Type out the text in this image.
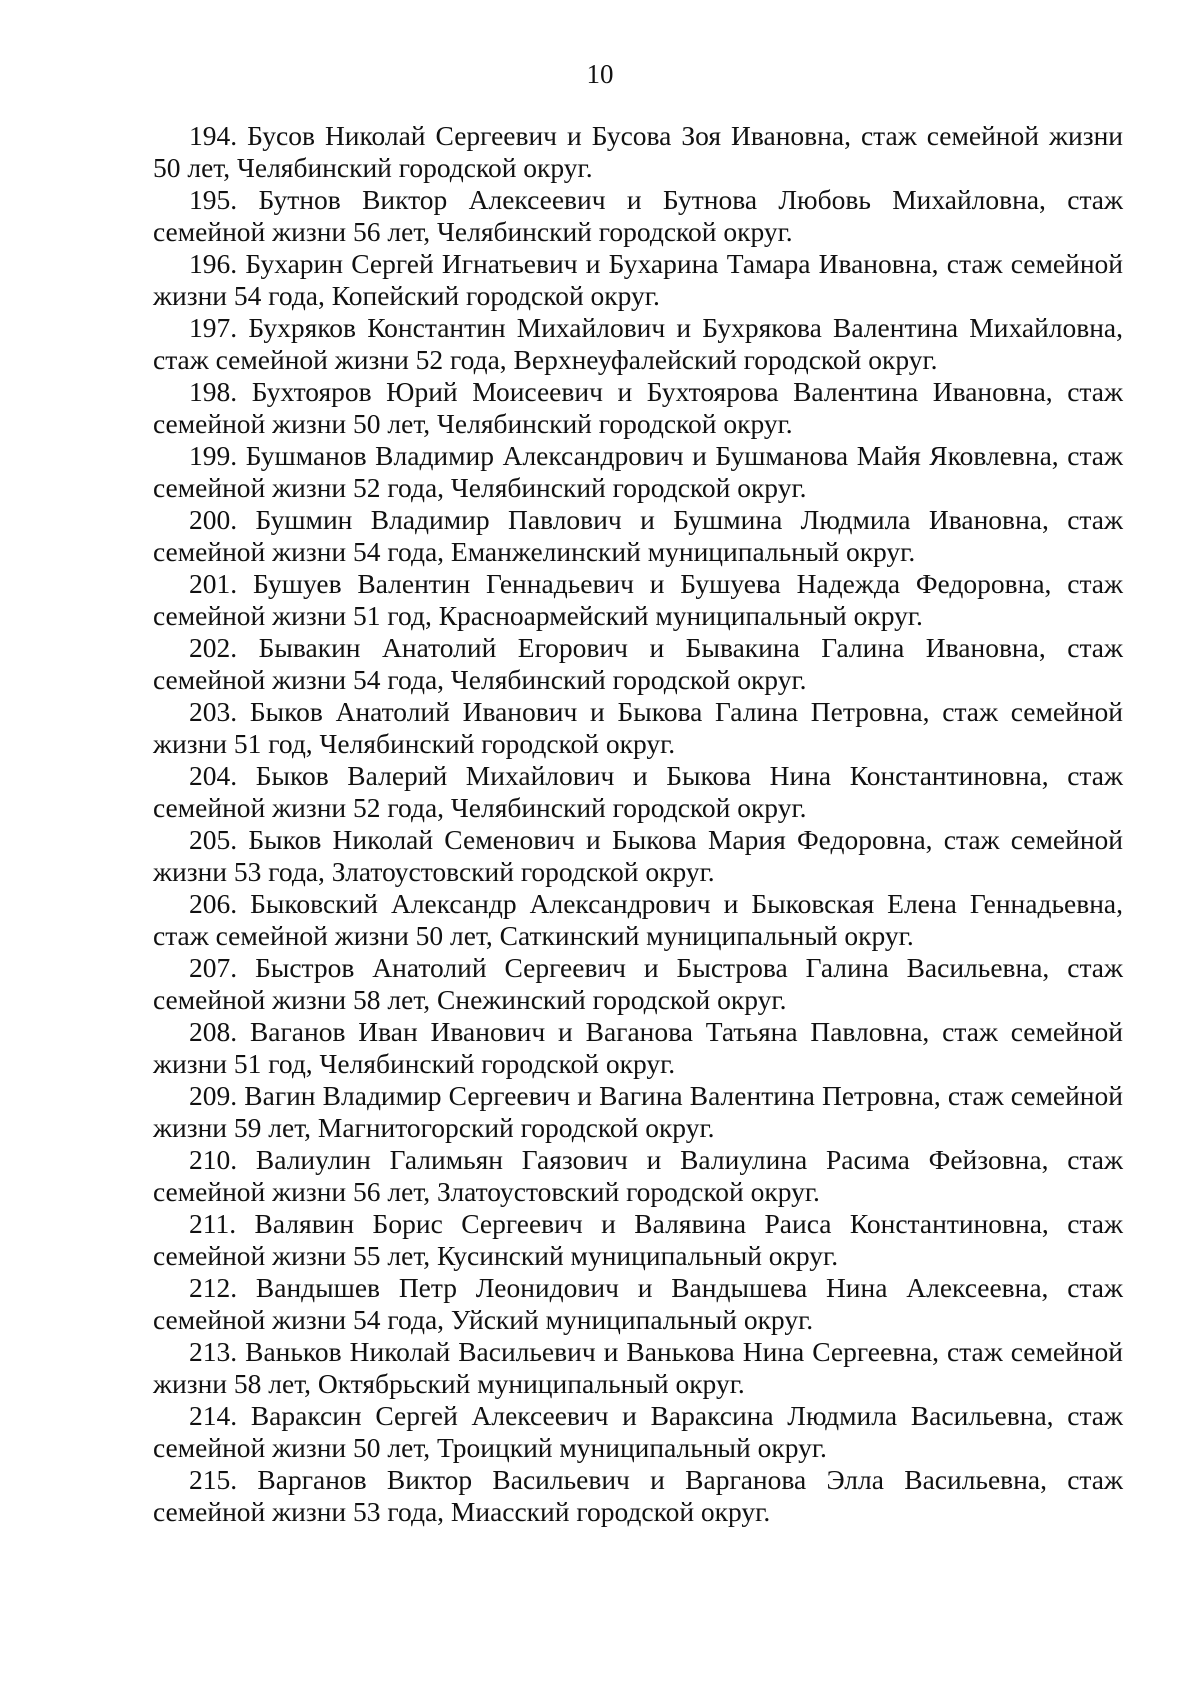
10
194. Бусов Николай Сергеевич и Бусова Зоя Ивановна, стаж семейной жизни 50 лет, Челябинский городской округ.
195. Бутнов Виктор Алексеевич и Бутнова Любовь Михайловна, стаж семейной жизни 56 лет, Челябинский городской округ.
196. Бухарин Сергей Игнатьевич и Бухарина Тамара Ивановна, стаж семейной жизни 54 года, Копейский городской округ.
197. Бухряков Константин Михайлович и Бухрякова Валентина Михайловна, стаж семейной жизни 52 года, Верхнеуфалейский городской округ.
198. Бухтояров Юрий Моисеевич и Бухтоярова Валентина Ивановна, стаж семейной жизни 50 лет, Челябинский городской округ.
199. Бушманов Владимир Александрович и Бушманова Майя Яковлевна, стаж семейной жизни 52 года, Челябинский городской округ.
200. Бушмин Владимир Павлович и Бушмина Людмила Ивановна, стаж семейной жизни 54 года, Еманжелинский муниципальный округ.
201. Бушуев Валентин Геннадьевич и Бушуева Надежда Федоровна, стаж семейной жизни 51 год, Красноармейский муниципальный округ.
202. Бывакин Анатолий Егорович и Бывакина Галина Ивановна, стаж семейной жизни 54 года, Челябинский городской округ.
203. Быков Анатолий Иванович и Быкова Галина Петровна, стаж семейной жизни 51 год, Челябинский городской округ.
204. Быков Валерий Михайлович и Быкова Нина Константиновна, стаж семейной жизни 52 года, Челябинский городской округ.
205. Быков Николай Семенович и Быкова Мария Федоровна, стаж семейной жизни 53 года, Златоустовский городской округ.
206. Быковский Александр Александрович и Быковская Елена Геннадьевна, стаж семейной жизни 50 лет, Саткинский муниципальный округ.
207. Быстров Анатолий Сергеевич и Быстрова Галина Васильевна, стаж семейной жизни 58 лет, Снежинский городской округ.
208. Ваганов Иван Иванович и Ваганова Татьяна Павловна, стаж семейной жизни 51 год, Челябинский городской округ.
209. Вагин Владимир Сергеевич и Вагина Валентина Петровна, стаж семейной жизни 59 лет, Магнитогорский городской округ.
210. Валиулин Галимьян Гаязович и Валиулина Расима Фейзовна, стаж семейной жизни 56 лет, Златоустовский городской округ.
211. Валявин Борис Сергеевич и Валявина Раиса Константиновна, стаж семейной жизни 55 лет, Кусинский муниципальный округ.
212. Вандышев Петр Леонидович и Вандышева Нина Алексеевна, стаж семейной жизни 54 года, Уйский муниципальный округ.
213. Ваньков Николай Васильевич и Ванькова Нина Сергеевна, стаж семейной жизни 58 лет, Октябрьский муниципальный округ.
214. Вараксин Сергей Алексеевич и Вараксина Людмила Васильевна, стаж семейной жизни 50 лет, Троицкий муниципальный округ.
215. Варганов Виктор Васильевич и Варганова Элла Васильевна, стаж семейной жизни 53 года, Миасский городской округ.
